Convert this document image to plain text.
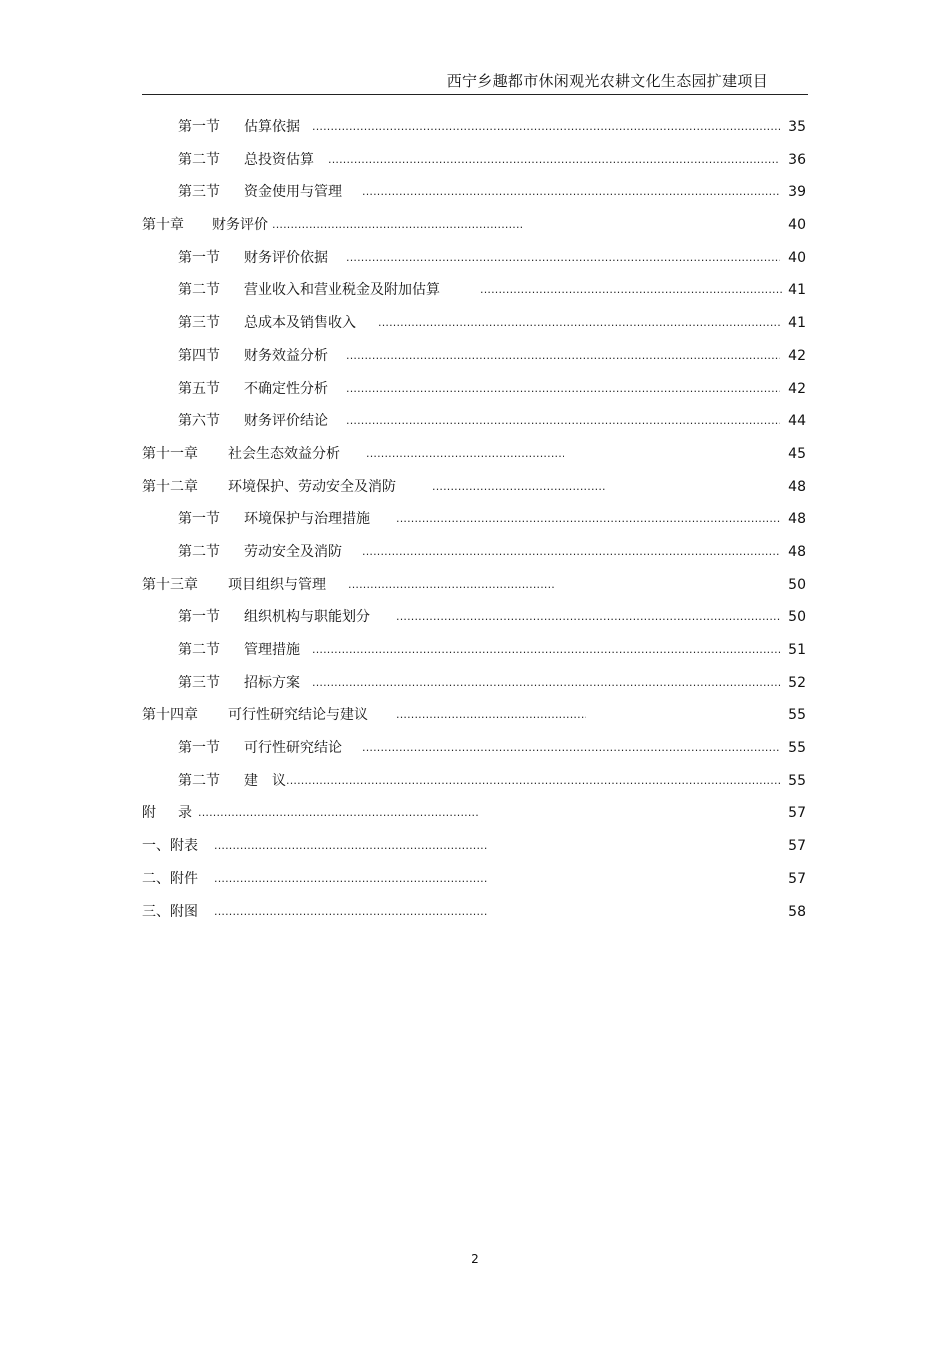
西宁乡趣都市休闲观光农耕文化生态园扩建项目
第一节 估算依据 .....	35
第二节 总投资估算 .....	36
第三节 资金使用与管理 .....	39
第十章 财务评价 .....	40
第一节 财务评价依据 .....	40
第二节 营业收入和营业税金及附加估算 .....	41
第三节 总成本及销售收入 .....	41
第四节 财务效益分析 .....	42
第五节 不确定性分析 .....	42
第六节 财务评价结论 .....	44
第十一章 社会生态效益分析 .....	45
第十二章 环境保护、劳动安全及消防 .....	48
第一节 环境保护与治理措施 .....	48
第二节 劳动安全及消防 .....	48
第十三章 项目组织与管理 .....	50
第一节 组织机构与职能划分 .....	50
第二节 管理措施 .....	51
第三节 招标方案 .....	52
第十四章 可行性研究结论与建议 .....	55
第一节 可行性研究结论 .....	55
第二节 建　议 .....	55
附 录 .....	57
一、附表 .....	57
二、附件 .....	57
三、附图 .....	58
2
